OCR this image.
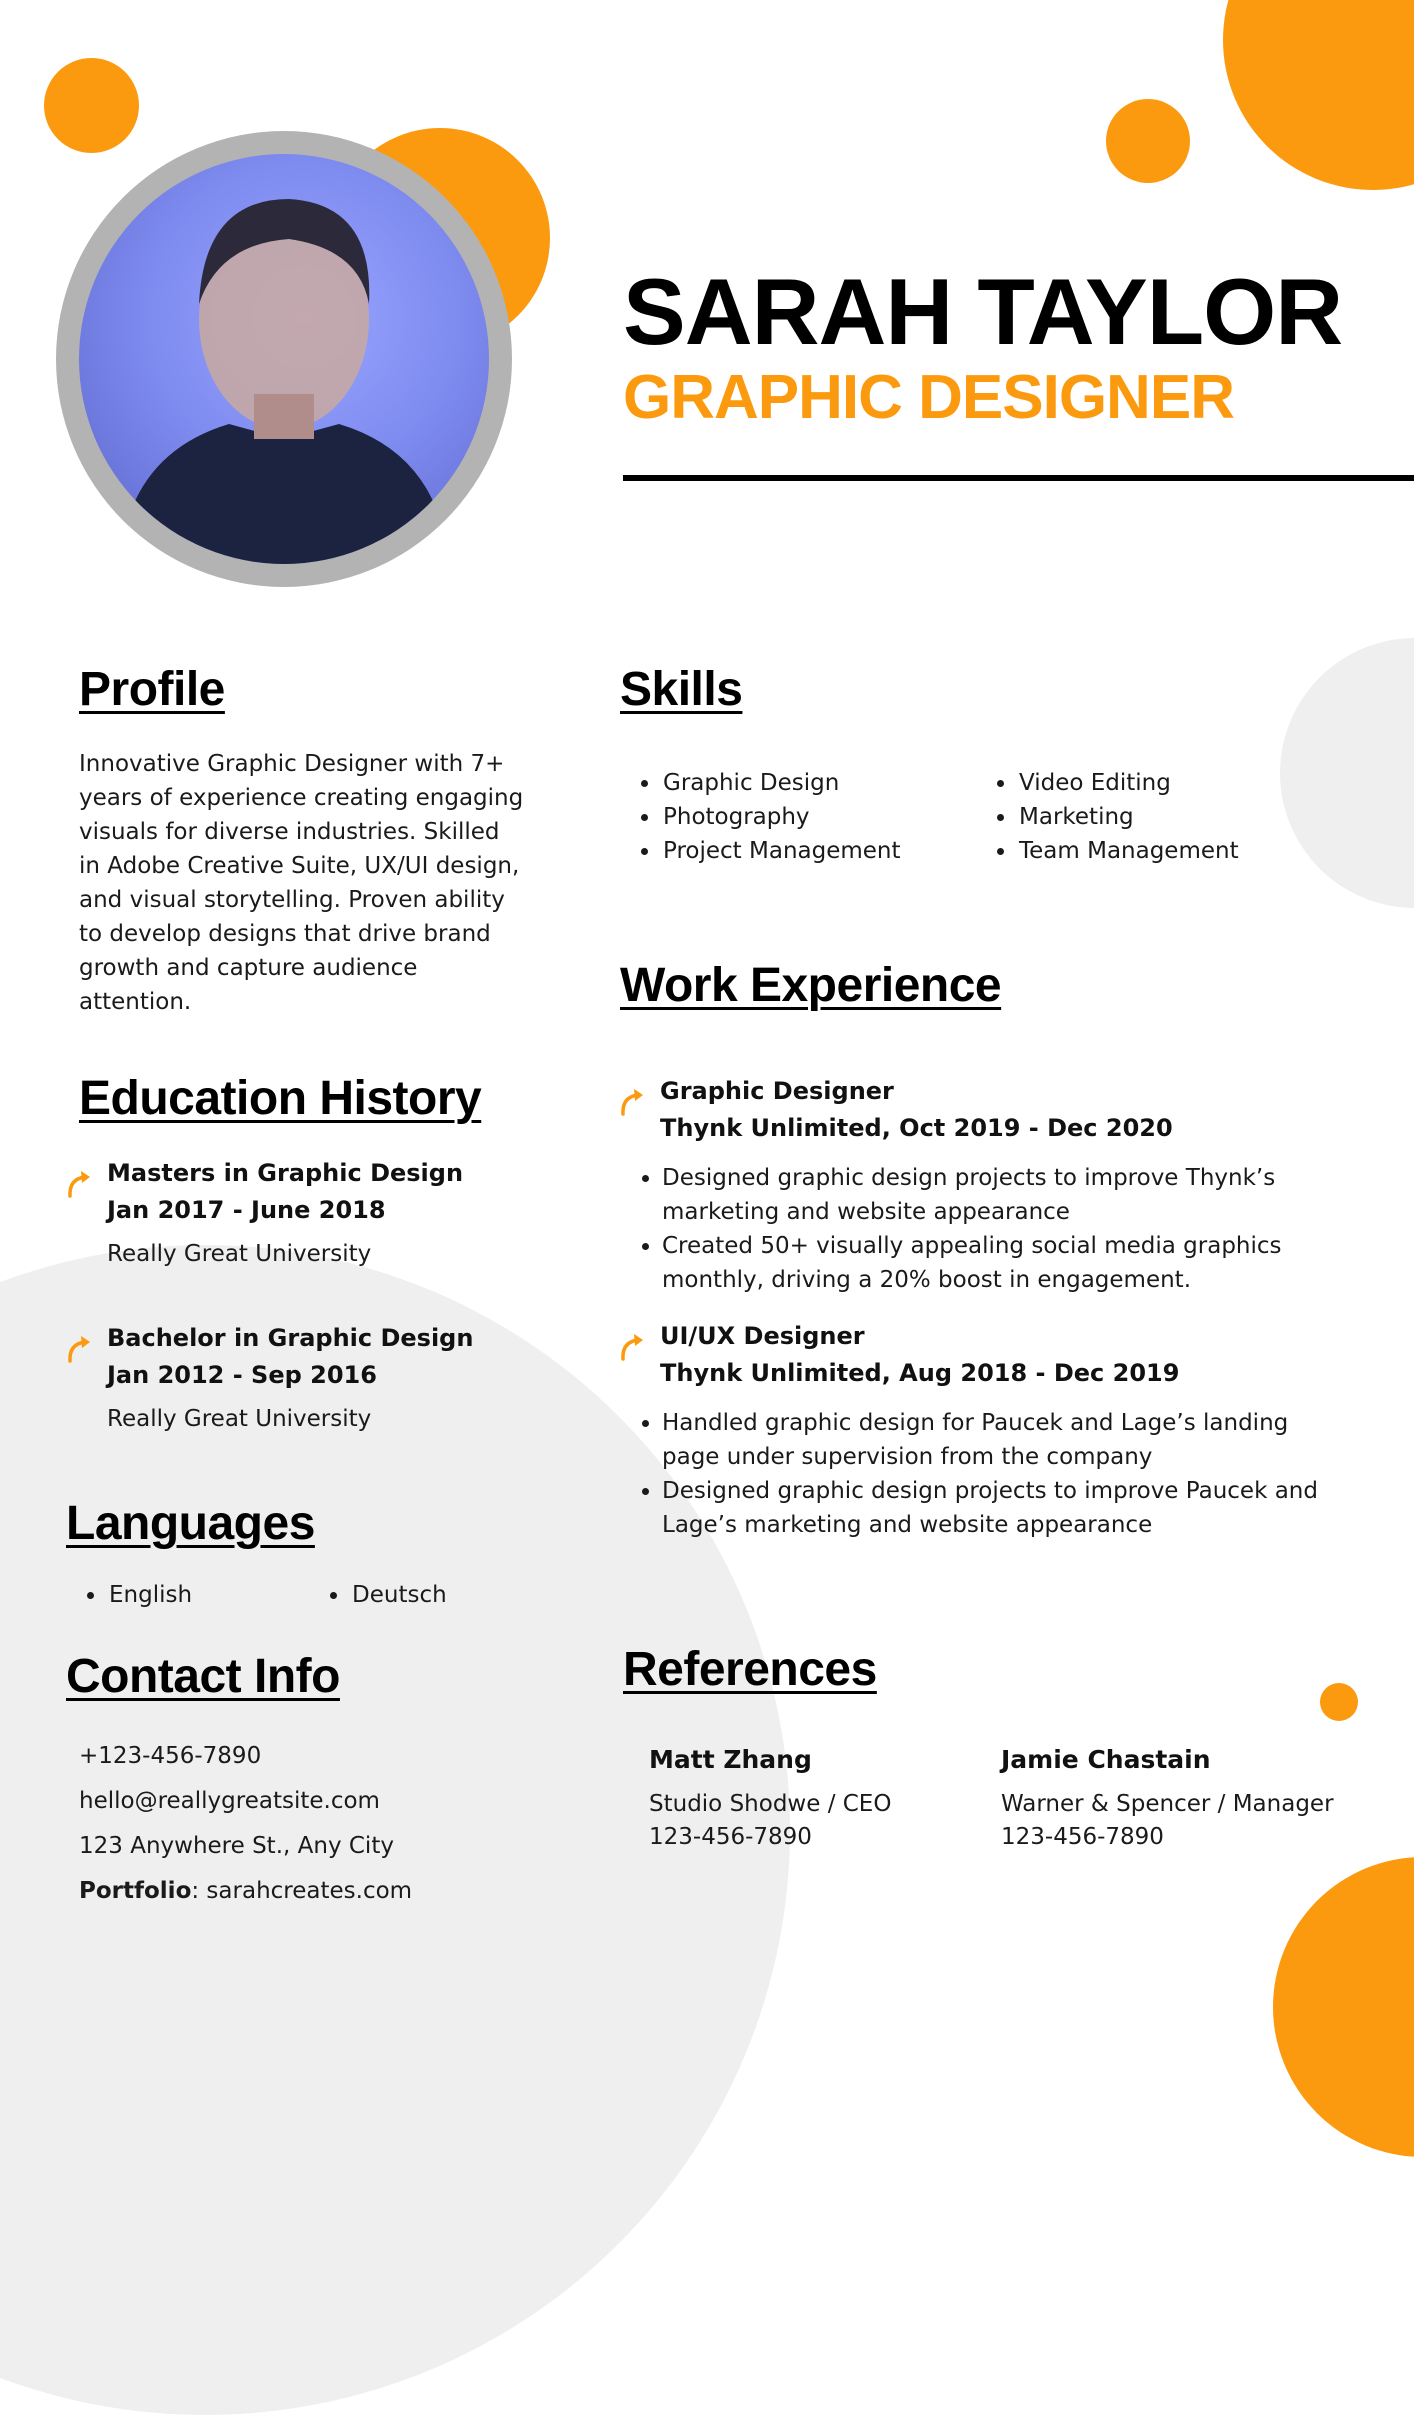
SARAH TAYLOR
GRAPHIC DESIGNER
Profile
Innovative Graphic Designer with 7+ years of experience creating engaging visuals for diverse industries. Skilled in Adobe Creative Suite, UX/UI design, and visual storytelling. Proven ability to develop designs that drive brand growth and capture audience attention.
Skills
• Graphic Design
• Photography
• Project Management
• Video Editing
• Marketing
• Team Management
Education History
Masters in Graphic Design
Jan 2017 - June 2018
Really Great University
Bachelor in Graphic Design
Jan 2012 - Sep 2016
Really Great University
Work Experience
Graphic Designer
Thynk Unlimited, Oct 2019 - Dec 2020
• Designed graphic design projects to improve Thynk’s marketing and website appearance
• Created 50+ visually appealing social media graphics monthly, driving a 20% boost in engagement.
UI/UX Designer
Thynk Unlimited, Aug 2018 - Dec 2019
• Handled graphic design for Paucek and Lage’s landing page under supervision from the company
• Designed graphic design projects to improve Paucek and Lage’s marketing and website appearance
Languages
• English
•	Deutsch
Contact Info
+123-456-7890
hello@reallygreatsite.com
123 Anywhere St., Any City
Portfolio: sarahcreates.com
References
Matt Zhang
Studio Shodwe / CEO
123-456-7890
Jamie Chastain
Warner & Spencer / Manager
123-456-7890
